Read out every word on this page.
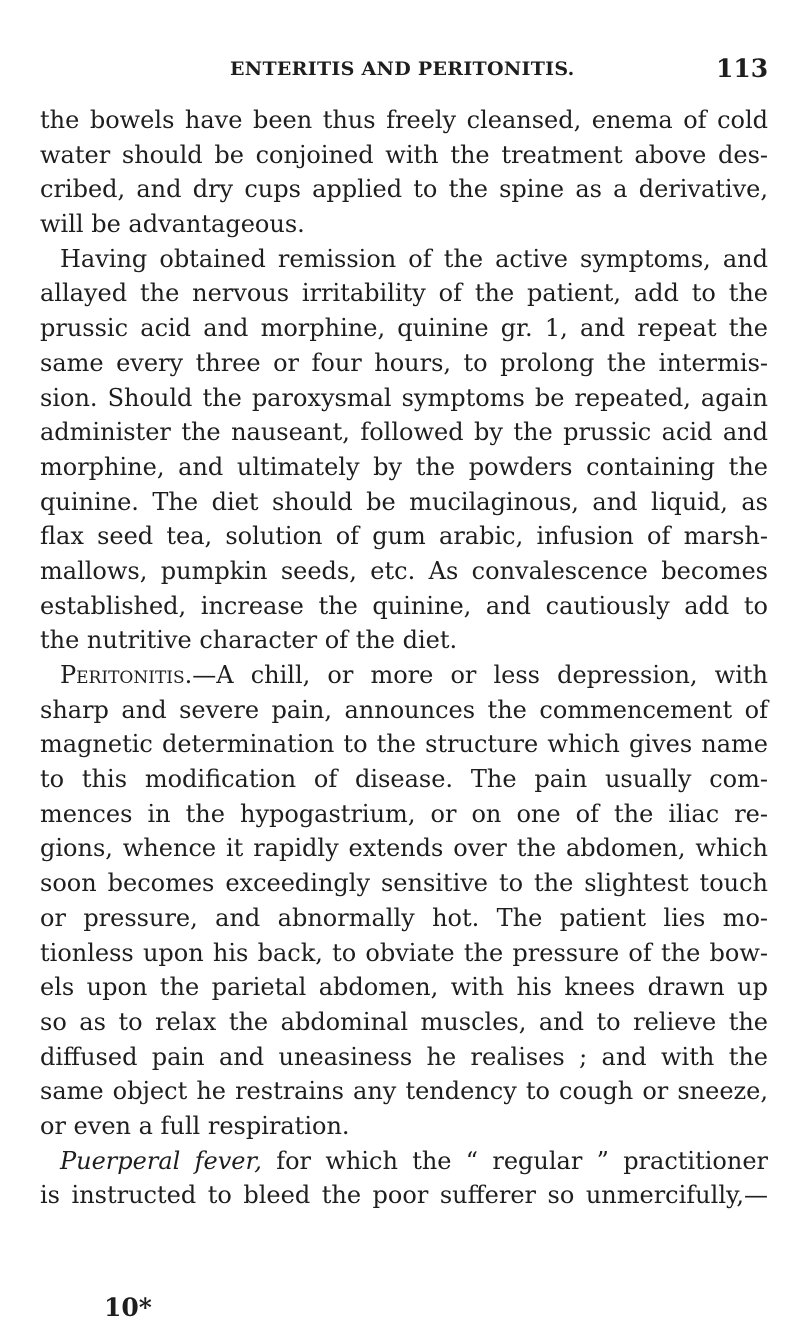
ENTERITIS AND PERITONITIS.	113
the bowels have been thus freely cleansed, enema of cold
water should be conjoined with the treatment above des-
cribed, and dry cups applied to the spine as a derivative,
will be advantageous.
Having obtained remission of the active symptoms, and
allayed the nervous irritability of the patient, add to the
prussic acid and morphine, quinine gr. 1, and repeat the
same every three or four hours, to prolong the intermis-
sion. Should the paroxysmal symptoms be repeated, again
administer the nauseant, followed by the prussic acid and
morphine, and ultimately by the powders containing the
quinine. The diet should be mucilaginous, and liquid, as
flax seed tea, solution of gum arabic, infusion of marsh-
mallows, pumpkin seeds, etc. As convalescence becomes
established, increase the quinine, and cautiously add to
the nutritive character of the diet.
Peritonitis.—A chill, or more or less depression, with
sharp and severe pain, announces the commencement of
magnetic determination to the structure which gives name
to this modification of disease. The pain usually com-
mences in the hypogastrium, or on one of the iliac re-
gions, whence it rapidly extends over the abdomen, which
soon becomes exceedingly sensitive to the slightest touch
or pressure, and abnormally hot. The patient lies mo-
tionless upon his back, to obviate the pressure of the bow-
els upon the parietal abdomen, with his knees drawn up
so as to relax the abdominal muscles, and to relieve the
diffused pain and uneasiness he realises ; and with the
same object he restrains any tendency to cough or sneeze,
or even a full respiration.
Puerperal fever, for which the “ regular ” practitioner
is instructed to bleed the poor sufferer so unmercifully,—
10*
